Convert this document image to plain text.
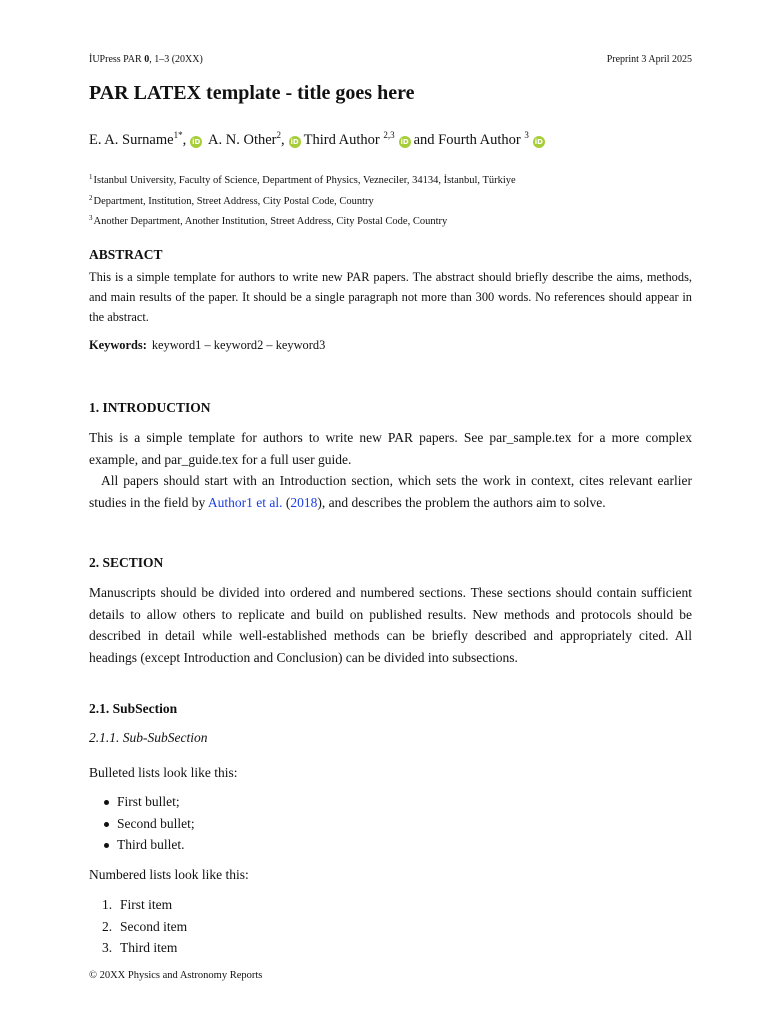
İUPress PAR 0, 1–3 (20XX)	Preprint 3 April 2025
PAR LATEX template - title goes here
E. A. Surname$^{1*}$, iD A. N. Other$^2$, iD Third Author $^{2,3}$iD and Fourth Author $^3$iD
$^1$Istanbul University, Faculty of Science, Department of Physics, Vezneciler, 34134, İstanbul, Türkiye
$^2$Department, Institution, Street Address, City Postal Code, Country
$^3$Another Department, Another Institution, Street Address, City Postal Code, Country
ABSTRACT
This is a simple template for authors to write new PAR papers. The abstract should briefly describe the aims, methods, and main results of the paper. It should be a single paragraph not more than 300 words. No references should appear in the abstract.
Keywords: keyword1 – keyword2 – keyword3
1. INTRODUCTION
This is a simple template for authors to write new PAR papers. See par_sample.tex for a more complex example, and par_guide.tex for a full user guide.
All papers should start with an Introduction section, which sets the work in context, cites relevant earlier studies in the field by Author1 et al. (2018), and describes the problem the authors aim to solve.
2. SECTION
Manuscripts should be divided into ordered and numbered sections. These sections should contain sufficient details to allow others to replicate and build on published results. New methods and protocols should be described in detail while well-established methods can be briefly described and appropriately cited. All headings (except Introduction and Conclusion) can be divided into subsections.
2.1. SubSection
2.1.1. Sub-SubSection
Bulleted lists look like this:
First bullet;
Second bullet;
Third bullet.
Numbered lists look like this:
1. First item
2. Second item
3. Third item
© 20XX Physics and Astronomy Reports
